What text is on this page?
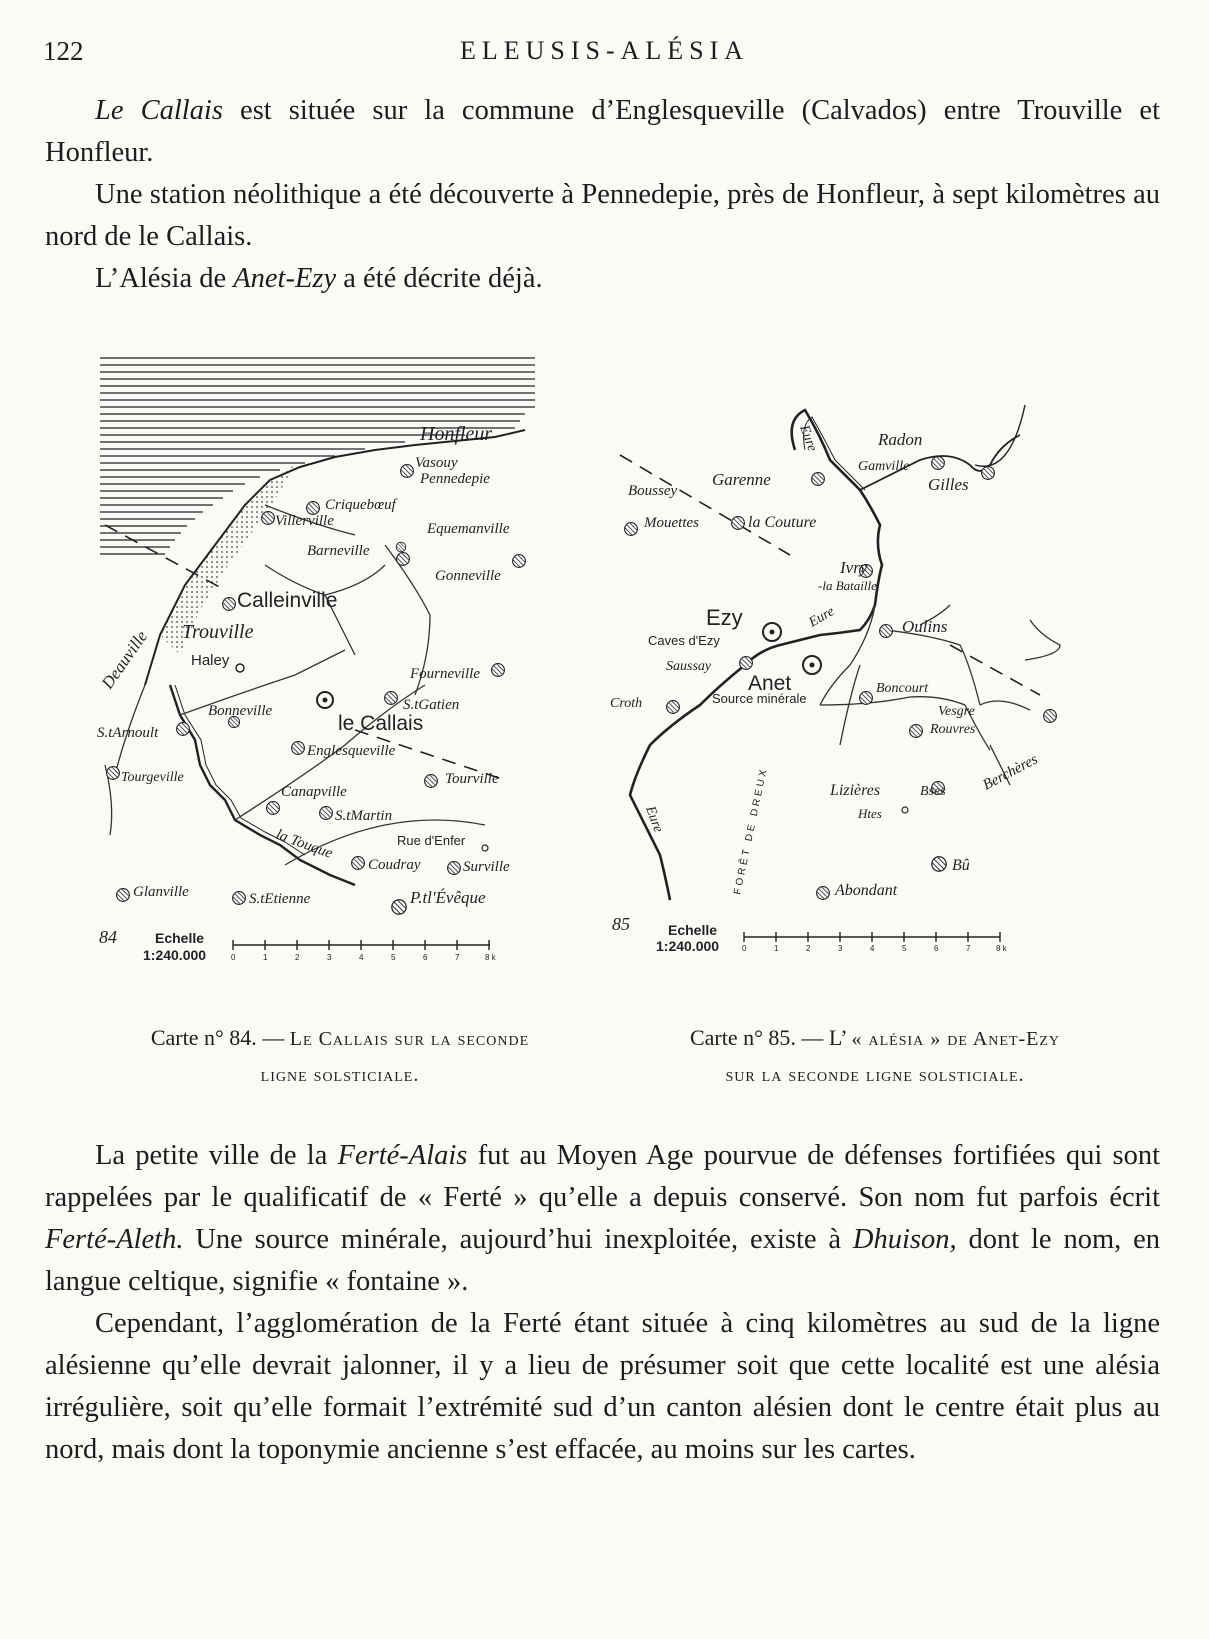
122	ELEUSIS-ALÉSIA

Le Callais est située sur la commune d’Englesqueville (Calvados) entre Trouville et Honfleur.

Une station néolithique a été découverte à Pennedepie, près de Honfleur, à sept kilomètres au nord de le Callais.

L’Alésia de Anet-Ezy a été décrite déjà.

Honfleur
Vasouy
Pennedepie
Criquebœuf
Villerville	Equemanville
Barneville
Gonneville
Calleinville
Trouville
Haley
Deauville	Fourneville
Bonneville	S.tGatien
le Callais
S.tArnoult
Englesqueville
Tourgeville
Canapville
Tourville
S.tMartin
la Touque	Rue d'Enfer
Coudray	Surville
Glanville	S.tEtienne	P.tl'Évêque
84	Echelle
1:240.000	0	1	2	3	4	5	6	7	8 k
Eure	Radon
Garenne
Gamville
Gilles
Boussey
Mouettes	la Couture
Ivry
-la Bataille
Ezy
Caves d'Ezy
Eure	Oulins
Saussay
Anet
Source minérale
Croth
Boncourt
Vesgre
Rouvres
Berchères
FORÊT DE DREUX	Lizières	Bses
Htes
Eure
Bû
Abondant
85	Echelle
1:240.000	0	1	2	3	4	5	6	7	8 k
Carte n° 84. — Le Callais sur la seconde
ligne solsticiale.
Carte n° 85. — L’ « alésia » de Anet-Ezy
sur la seconde ligne solsticiale.

La petite ville de la Ferté-Alais fut au Moyen Age pourvue de défenses fortifiées qui sont rappelées par le qualificatif de « Ferté » qu’elle a depuis conservé. Son nom fut parfois écrit Ferté-Aleth. Une source minérale, aujourd’hui inexploitée, existe à Dhuison, dont le nom, en langue celtique, signifie « fontaine ».

Cependant, l’agglomération de la Ferté étant située à cinq kilomètres au sud de la ligne alésienne qu’elle devrait jalonner, il y a lieu de présumer soit que cette localité est une alésia irrégulière, soit qu’elle formait l’extrémité sud d’un canton alésien dont le centre était plus au nord, mais dont la toponymie ancienne s’est effacée, au moins sur les cartes.
